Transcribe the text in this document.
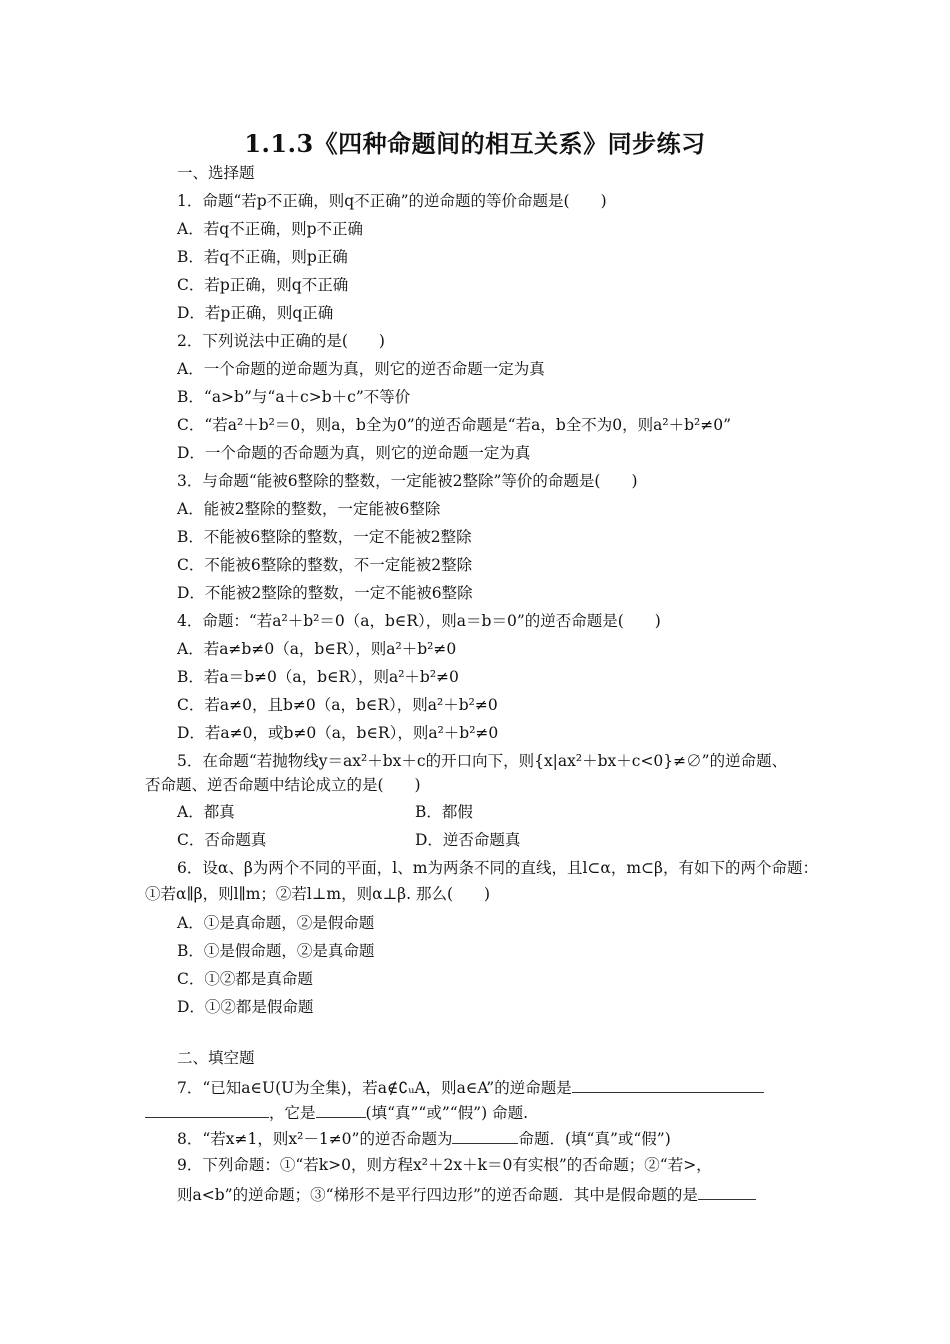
1.1.3《四种命题间的相互关系》同步练习
一、选择题
1．命题“若p不正确，则q不正确”的逆命题的等价命题是(　　)
A．若q不正确，则p不正确
B．若q不正确，则p正确
C．若p正确，则q不正确
D．若p正确，则q正确
2．下列说法中正确的是(　　)
A．一个命题的逆命题为真，则它的逆否命题一定为真
B．“a>b”与“a＋c>b＋c”不等价
C．“若a²＋b²＝0，则a，b全为0”的逆否命题是“若a，b全不为0，则a²＋b²≠0”
D．一个命题的否命题为真，则它的逆命题一定为真
3．与命题“能被6整除的整数，一定能被2整除”等价的命题是(　　)
A．能被2整除的整数，一定能被6整除
B．不能被6整除的整数，一定不能被2整除
C．不能被6整除的整数，不一定能被2整除
D．不能被2整除的整数，一定不能被6整除
4．命题：“若a²＋b²＝0（a，b∈R），则a＝b＝0”的逆否命题是(　　)
A．若a≠b≠0（a，b∈R），则a²＋b²≠0
B．若a＝b≠0（a，b∈R），则a²＋b²≠0
C．若a≠0，且b≠0（a，b∈R），则a²＋b²≠0
D．若a≠0，或b≠0（a，b∈R），则a²＋b²≠0
5．在命题“若抛物线y＝ax²＋bx＋c的开口向下，则{x|ax²＋bx＋c<0}≠∅”的逆命题、
否命题、逆否命题中结论成立的是(　　)
A．都真	B．都假
C．否命题真	D．逆否命题真
6．设α、β为两个不同的平面，l、m为两条不同的直线，且l⊂α，m⊂β，有如下的两个命题：
①若α∥β，则l∥m；②若l⊥m，则α⊥β. 那么(　　)
A．①是真命题，②是假命题
B．①是假命题，②是真命题
C．①②都是真命题
D．①②都是假命题
二、填空题
7．“已知a∈U(U为全集)，若a∉∁ᵤA，则a∈A”的逆命题是
，它是	(填“真”“或”“假”) 命题.
8．“若x≠1，则x²－1≠0”的逆否命题为	命题．(填“真”或“假”)
9．下列命题：①“若k>0，则方程x²＋2x＋k＝0有实根”的否命题；②“若>，
则a<b”的逆命题；③“梯形不是平行四边形”的逆否命题．其中是假命题的是
